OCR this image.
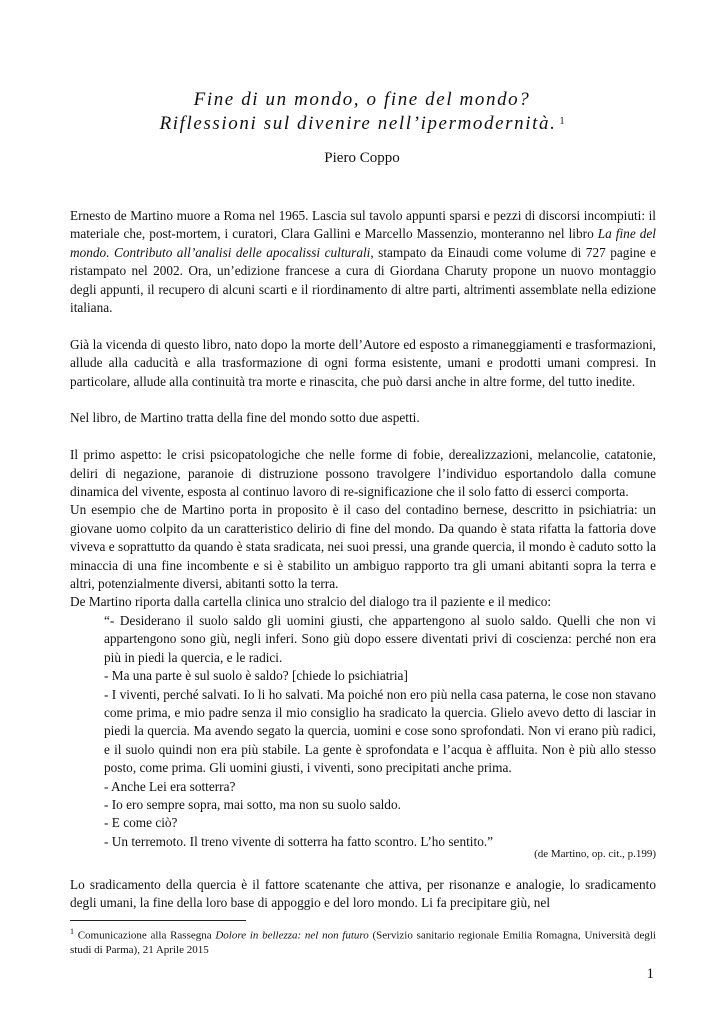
Fine di un mondo, o fine del mondo?
Riflessioni sul divenire nell’ipermodernità. $^1$
Piero Coppo

Ernesto de Martino muore a Roma nel 1965. Lascia sul tavolo appunti sparsi e pezzi di discorsi incompiuti: il materiale che, post-mortem, i curatori, Clara Gallini e Marcello Massenzio, monteranno nel libro La fine del mondo. Contributo all’analisi delle apocalissi culturali, stampato da Einaudi come volume di 727 pagine e ristampato nel 2002. Ora, un’edizione francese a cura di Giordana Charuty propone un nuovo montaggio degli appunti, il recupero di alcuni scarti e il riordinamento di altre parti, altrimenti assemblate nella edizione italiana.

Già la vicenda di questo libro, nato dopo la morte dell’Autore ed esposto a rimaneggiamenti e trasformazioni, allude alla caducità e alla trasformazione di ogni forma esistente, umani e prodotti umani compresi. In particolare, allude alla continuità tra morte e rinascita, che può darsi anche in altre forme, del tutto inedite.

Nel libro, de Martino tratta della fine del mondo sotto due aspetti.

Il primo aspetto: le crisi psicopatologiche che nelle forme di fobie, derealizzazioni, melancolie, catatonie, deliri di negazione, paranoie di distruzione possono travolgere l’individuo esportandolo dalla comune dinamica del vivente, esposta al continuo lavoro di re-significazione che il solo fatto di esserci comporta.

Un esempio che de Martino porta in proposito è il caso del contadino bernese, descritto in psichiatria: un giovane uomo colpito da un caratteristico delirio di fine del mondo. Da quando è stata rifatta la fattoria dove viveva e soprattutto da quando è stata sradicata, nei suoi pressi, una grande quercia, il mondo è caduto sotto la minaccia di una fine incombente e si è stabilito un ambiguo rapporto tra gli umani abitanti sopra la terra e altri, potenzialmente diversi, abitanti sotto la terra.

De Martino riporta dalla cartella clinica uno stralcio del dialogo tra il paziente e il medico:

“- Desiderano il suolo saldo gli uomini giusti, che appartengono al suolo saldo. Quelli che non vi appartengono sono giù, negli inferi. Sono giù dopo essere diventati privi di coscienza: perché non era più in piedi la quercia, e le radici.

- Ma una parte è sul suolo è saldo? [chiede lo psichiatria]

- I viventi, perché salvati. Io li ho salvati. Ma poiché non ero più nella casa paterna, le cose non stavano come prima, e mio padre senza il mio consiglio ha sradicato la quercia. Glielo avevo detto di lasciar in piedi la quercia. Ma avendo segato la quercia, uomini e cose sono sprofondati. Non vi erano più radici, e il suolo quindi non era più stabile. La gente è sprofondata e l’acqua è affluita. Non è più allo stesso posto, come prima. Gli uomini giusti, i viventi, sono precipitati anche prima.

- Anche Lei era sotterra?

- Io ero sempre sopra, mai sotto, ma non su suolo saldo.

- E come ciò?

- Un terremoto. Il treno vivente di sotterra ha fatto scontro. L’ho sentito.”

(de Martino, op. cit., p.199)

Lo sradicamento della quercia è il fattore scatenante che attiva, per risonanze e analogie, lo sradicamento degli umani, la fine della loro base di appoggio e del loro mondo. Li fa precipitare giù, nel

$^1$ Comunicazione alla Rassegna Dolore in bellezza: nel non futuro (Servizio sanitario regionale Emilia Romagna, Università degli studi di Parma), 21 Aprile 2015
1
